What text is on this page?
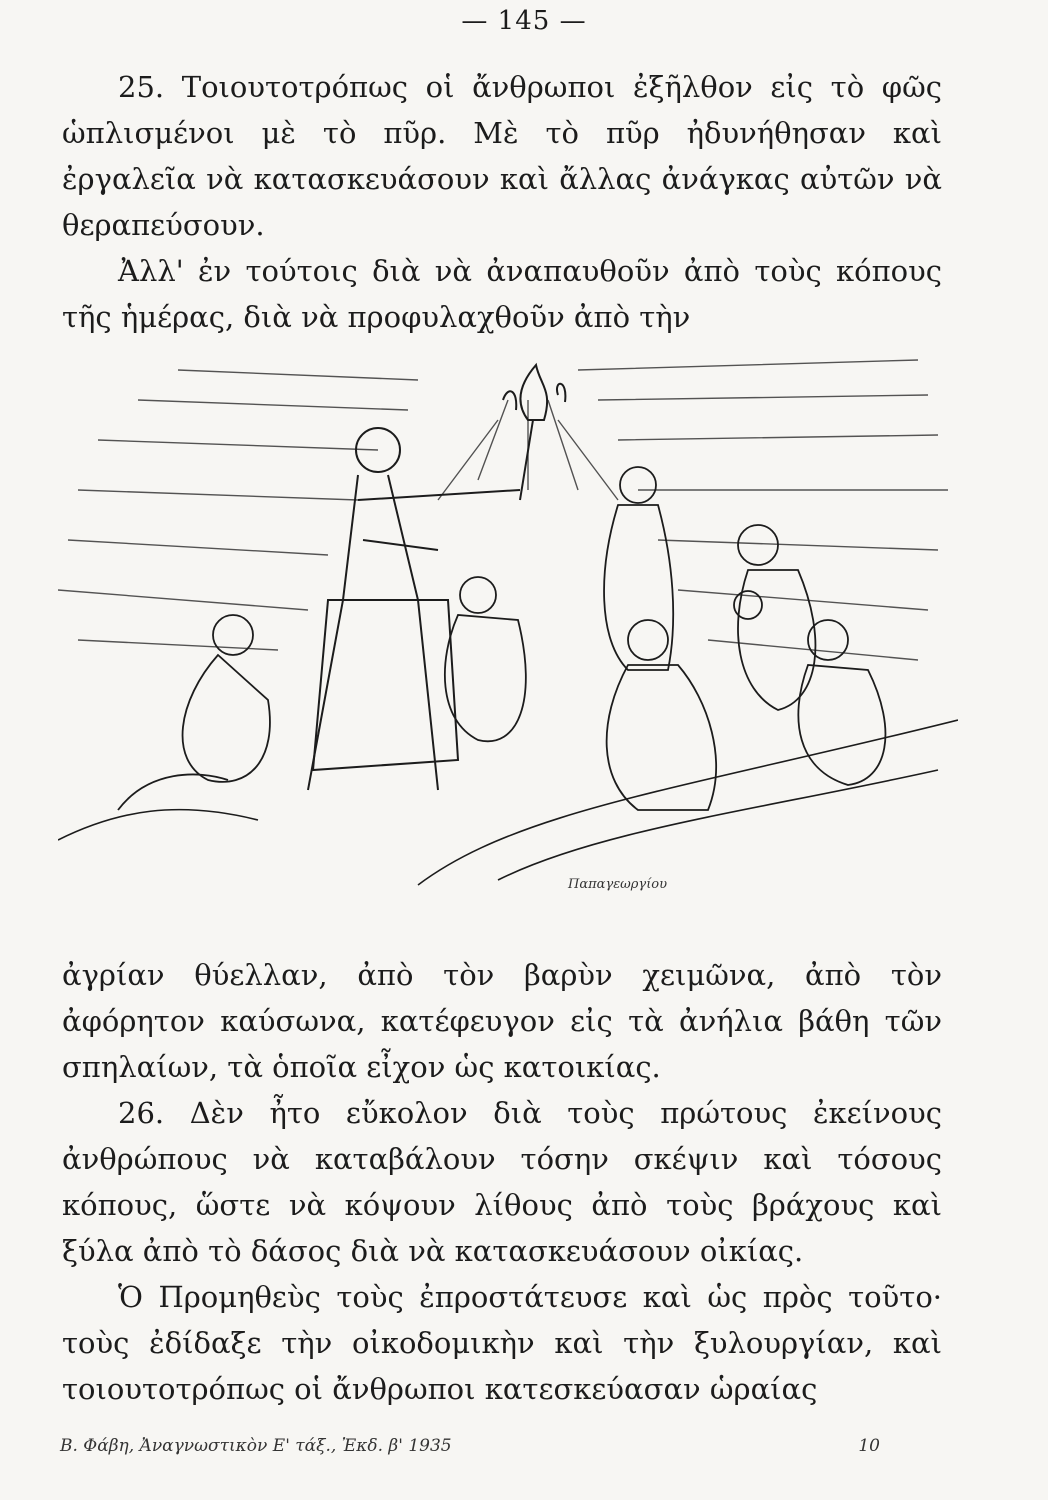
— 145 —

25. Τοιουτοτρόπως οἱ ἄνθρωποι ἐξῆλθον εἰς τὸ φῶς ὡπλισμένοι μὲ τὸ πῦρ. Μὲ τὸ πῦρ ἠδυνήθησαν καὶ ἐργαλεῖα νὰ κατασκευάσουν καὶ ἄλλας ἀνάγκας αὐτῶν νὰ θεραπεύσουν.

Ἀλλ' ἐν τούτοις διὰ νὰ ἀναπαυθοῦν ἀπὸ τοὺς κόπους τῆς ἡμέρας, διὰ νὰ προφυλαχθοῦν ἀπὸ τὴν

Παπαγεωργίου

ἀγρίαν θύελλαν, ἀπὸ τὸν βαρὺν χειμῶνα, ἀπὸ τὸν ἀφόρητον καύσωνα, κατέφευγον εἰς τὰ ἀνήλια βάθη τῶν σπηλαίων, τὰ ὁποῖα εἶχον ὡς κατοικίας.

26. Δὲν ἦτο εὔκολον διὰ τοὺς πρώτους ἐκείνους ἀνθρώπους νὰ καταβάλουν τόσην σκέψιν καὶ τόσους κόπους, ὥστε νὰ κόψουν λίθους ἀπὸ τοὺς βράχους καὶ ξύλα ἀπὸ τὸ δάσος διὰ νὰ κατασκευάσουν οἰκίας.

Ὁ Προμηθεὺς τοὺς ἐπροστάτευσε καὶ ὡς πρὸς τοῦτο· τοὺς ἐδίδαξε τὴν οἰκοδομικὴν καὶ τὴν ξυλουργίαν, καὶ τοιουτοτρόπως οἱ ἄνθρωποι κατεσκεύασαν ὡραίας

Β. Φάβη, Ἀναγνωστικὸν Ε' τάξ., Ἐκδ. β' 1935	10
